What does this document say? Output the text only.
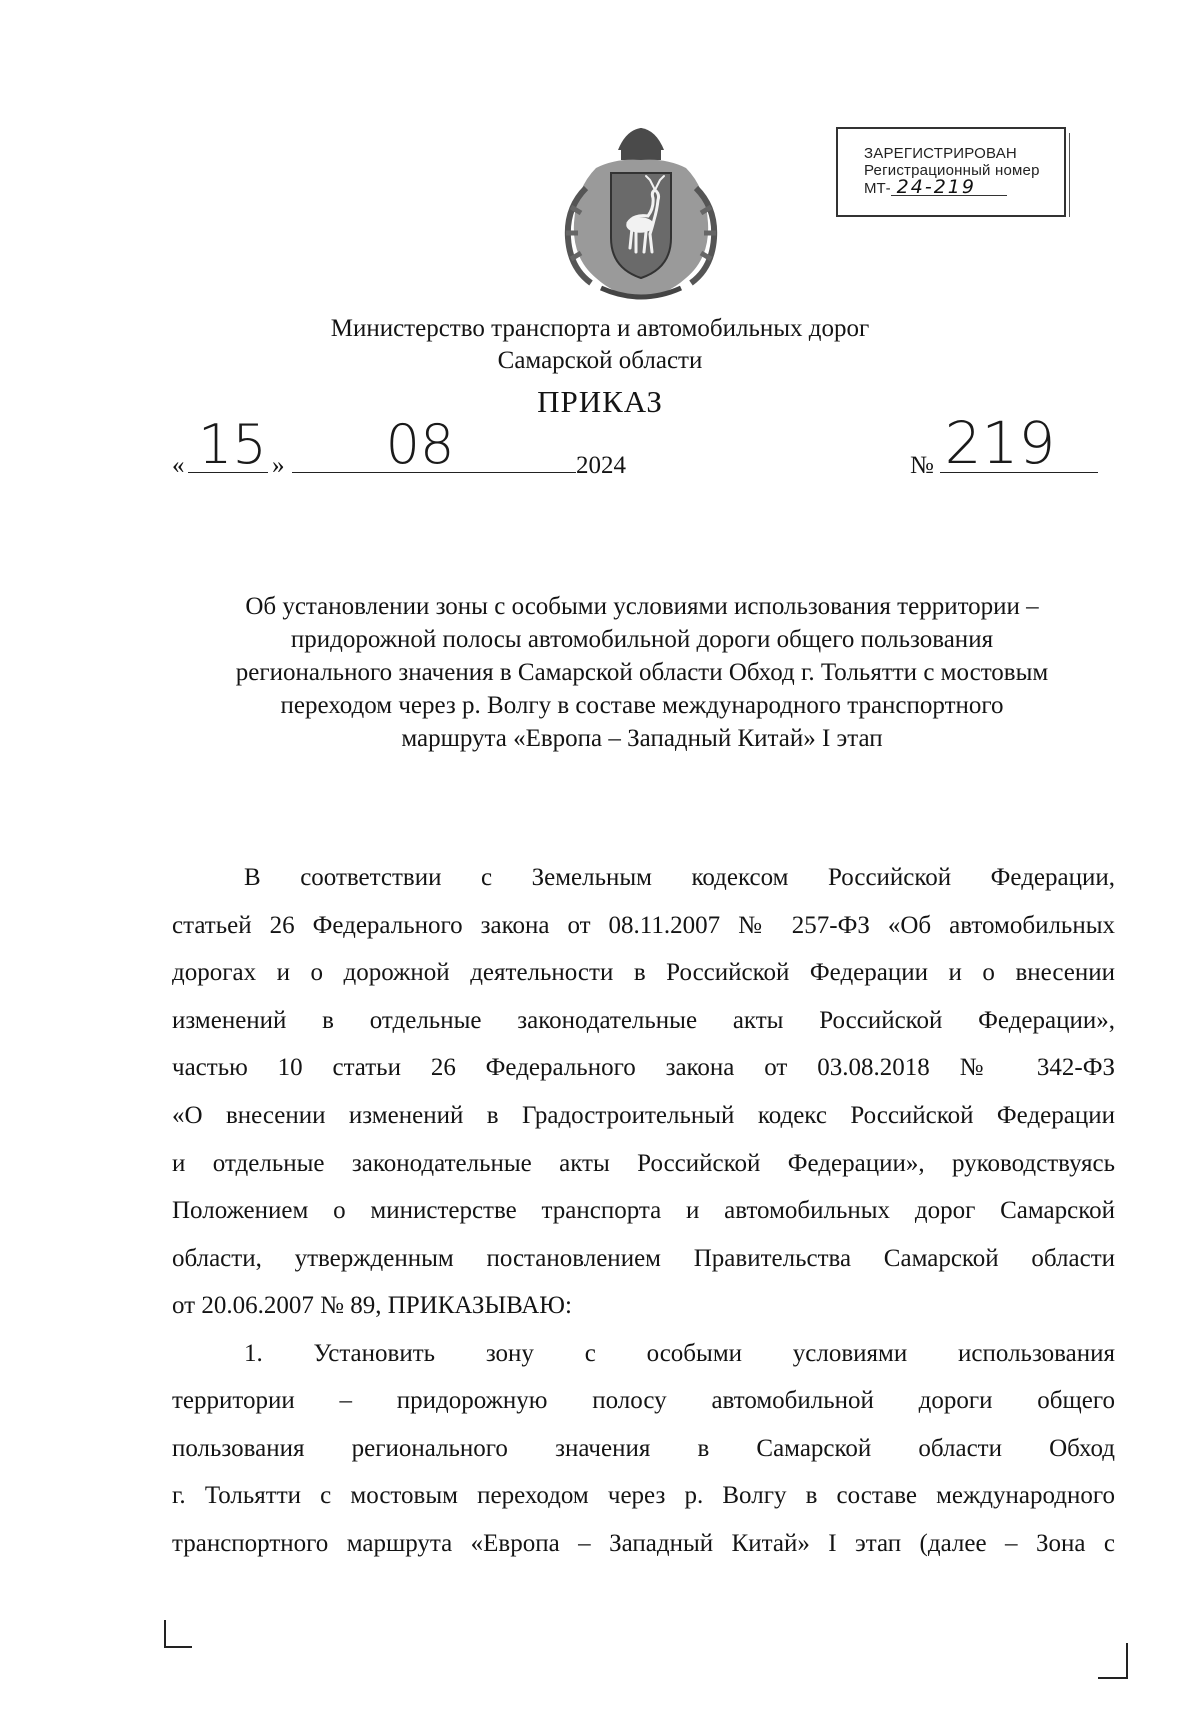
ЗАРЕГИСТРИРОВАН
Регистрационный номер
МТ- 24-219
Министерство транспорта и автомобильных дорог
Самарской области
ПРИКАЗ
« 15 »	08	2024	№ 219
Об установлении зоны с особыми условиями использования территории –
придорожной полосы автомобильной дороги общего пользования
регионального значения в Самарской области Обход г. Тольятти с мостовым
переходом через р. Волгу в составе международного транспортного
маршрута «Европа – Западный Китай» I этап
В соответствии с Земельным кодексом Российской Федерации,
статьей 26 Федерального закона от 08.11.2007 № 257-ФЗ «Об автомобильных
дорогах и о дорожной деятельности в Российской Федерации и о внесении
изменений в отдельные законодательные акты Российской Федерации»,
частью 10 статьи 26 Федерального закона от 03.08.2018 № 342-ФЗ
«О внесении изменений в Градостроительный кодекс Российской Федерации
и отдельные законодательные акты Российской Федерации», руководствуясь
Положением о министерстве транспорта и автомобильных дорог Самарской
области, утвержденным постановлением Правительства Самарской области
от 20.06.2007 № 89, ПРИКАЗЫВАЮ:
1. Установить зону с особыми условиями использования
территории – придорожную полосу автомобильной дороги общего
пользования регионального значения в Самарской области Обход
г. Тольятти с мостовым переходом через р. Волгу в составе международного
транспортного маршрута «Европа – Западный Китай» I этап (далее – Зона с
